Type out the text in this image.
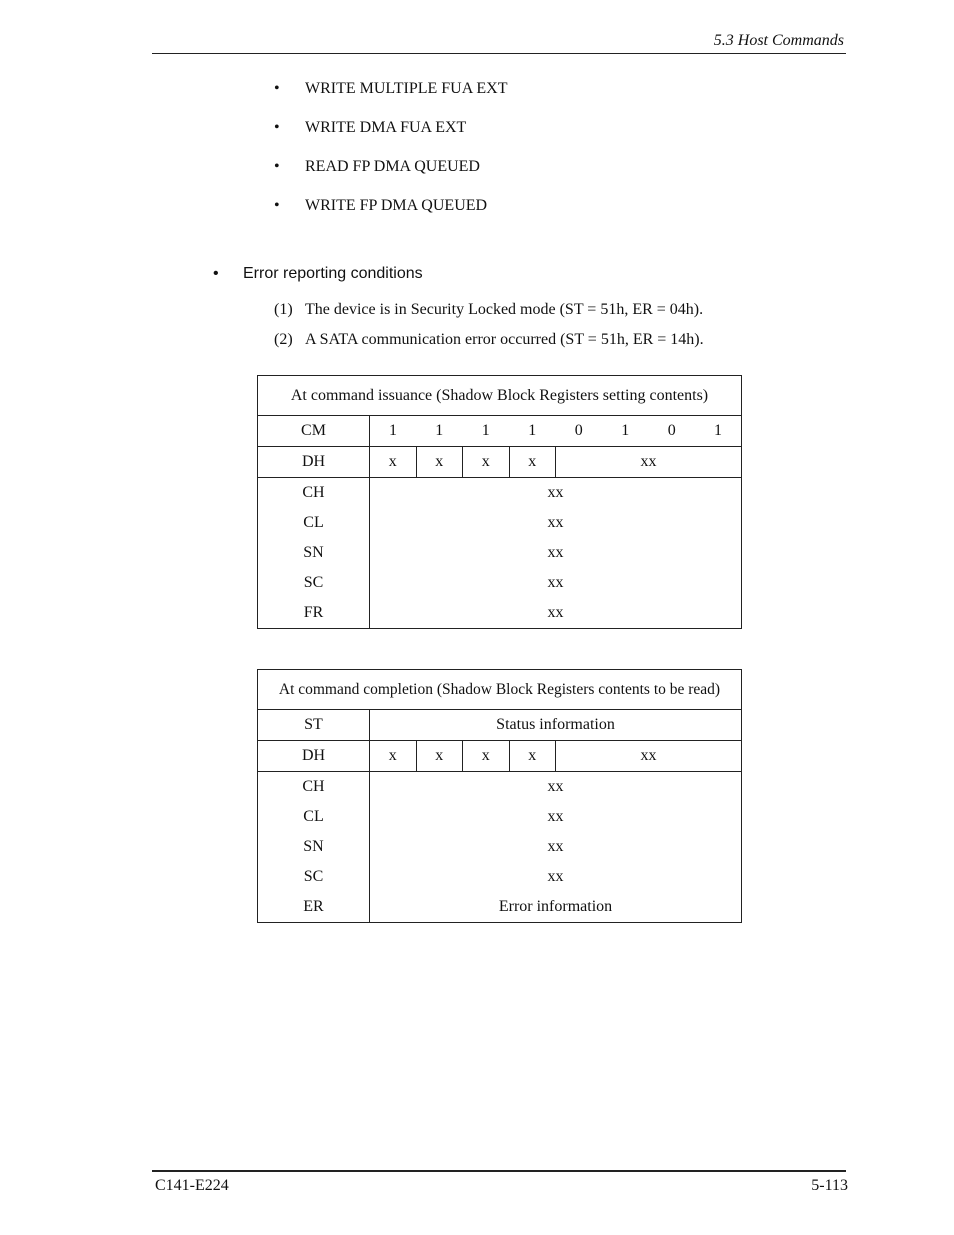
5.3 Host Commands
• WRITE MULTIPLE FUA EXT
• WRITE DMA FUA EXT
• READ FP DMA QUEUED
• WRITE FP DMA QUEUED
• Error reporting conditions
(1) The device is in Security Locked mode (ST = 51h, ER = 04h).
(2) A SATA communication error occurred (ST = 51h, ER = 14h).
At command issuance (Shadow Block Registers setting contents)								
CM	1	1	1	1	0	1	0	1
DH	x	x	x	x	xx			
CH	xx							
CL	xx							
SN	xx							
SC	xx							
FR	xx							
At command completion (Shadow Block Registers contents to be read)					
ST	Status information				
DH	x	x	x	x	xx
CH	xx				
CL	xx				
SN	xx				
SC	xx				
ER	Error information				
C141-E224	5-113
